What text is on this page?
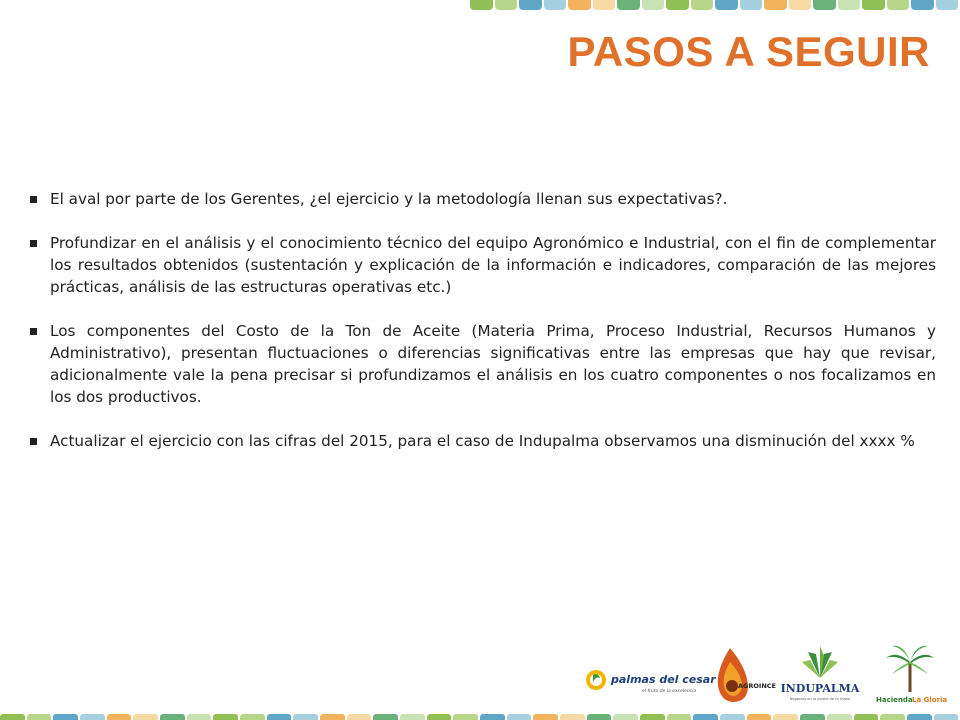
PASOS A SEGUIR
El aval por parte de los Gerentes, ¿el ejercicio y la metodología llenan sus expectativas?.
Profundizar en el análisis y el conocimiento técnico del equipo Agronómico e Industrial, con el fin de complementar los resultados obtenidos (sustentación y explicación de la información e indicadores, comparación de las mejores prácticas, análisis de las estructuras operativas etc.)
Los componentes del Costo de la Ton de Aceite (Materia Prima, Proceso Industrial, Recursos Humanos y Administrativo), presentan fluctuaciones o diferencias significativas entre las empresas que hay que revisar, adicionalmente vale la pena precisar si profundizamos el análisis en los cuatro componentes o nos focalizamos en los dos productivos.
Actualizar el ejercicio con las cifras del 2015, para el caso de Indupalma observamos una disminución del xxxx %
palmas del cesar
el fruto de la excelencia
AGROINCE INDUPALMA
Negocios en la palma de tu mano	Hacienda La Gloria
